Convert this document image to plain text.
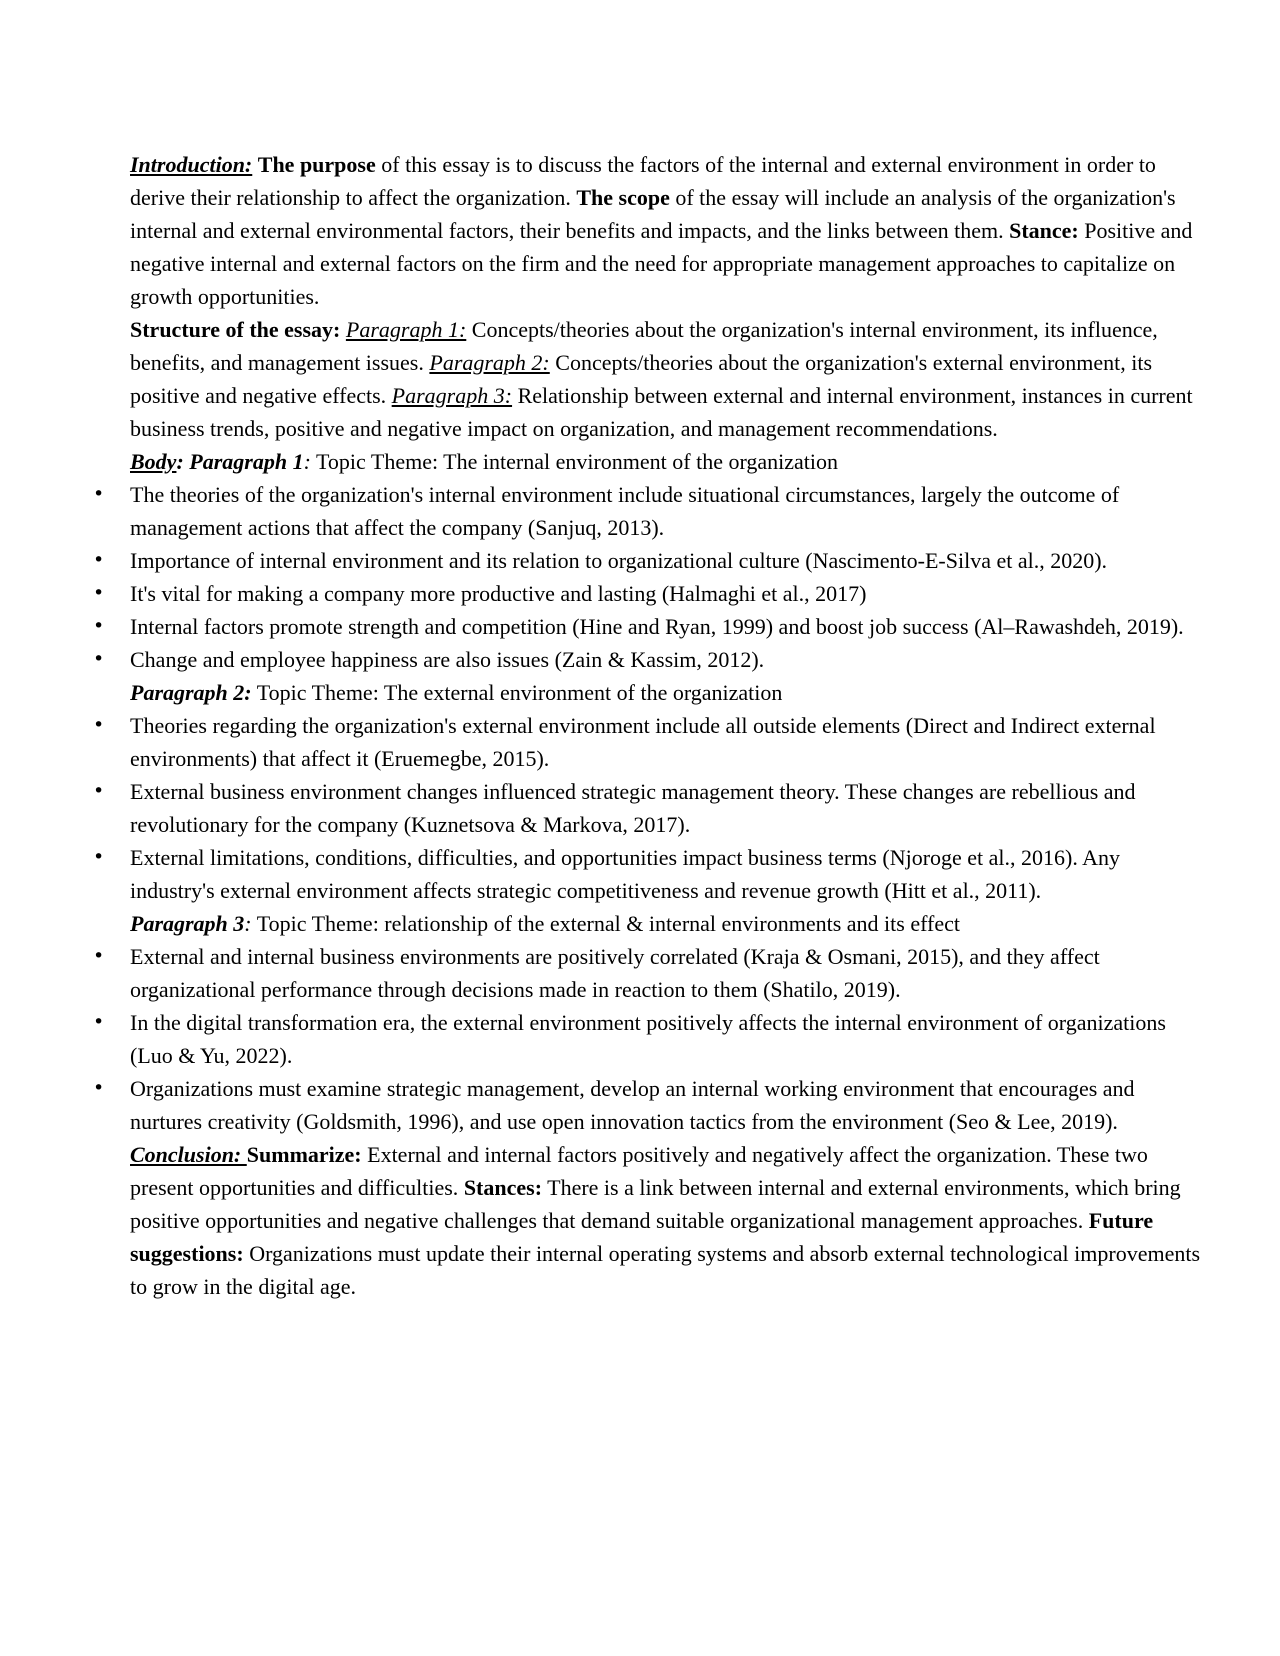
Introduction: The purpose of this essay is to discuss the factors of the internal and external environment in order to derive their relationship to affect the organization. The scope of the essay will include an analysis of the organization's internal and external environmental factors, their benefits and impacts, and the links between them. Stance: Positive and negative internal and external factors on the firm and the need for appropriate management approaches to capitalize on growth opportunities.

Structure of the essay: Paragraph 1: Concepts/theories about the organization's internal environment, its influence, benefits, and management issues. Paragraph 2: Concepts/theories about the organization's external environment, its positive and negative effects. Paragraph 3: Relationship between external and internal environment, instances in current business trends, positive and negative impact on organization, and management recommendations.

Body: Paragraph 1: Topic Theme: The internal environment of the organization

• The theories of the organization's internal environment include situational circumstances, largely the outcome of management actions that affect the company (Sanjuq, 2013).
• Importance of internal environment and its relation to organizational culture (Nascimento-E-Silva et al., 2020).
• It's vital for making a company more productive and lasting (Halmaghi et al., 2017)
• Internal factors promote strength and competition (Hine and Ryan, 1999) and boost job success (Al–Rawashdeh, 2019).
• Change and employee happiness are also issues (Zain & Kassim, 2012).

Paragraph 2: Topic Theme: The external environment of the organization

• Theories regarding the organization's external environment include all outside elements (Direct and Indirect external environments) that affect it (Eruemegbe, 2015).
• External business environment changes influenced strategic management theory. These changes are rebellious and revolutionary for the company (Kuznetsova & Markova, 2017).
• External limitations, conditions, difficulties, and opportunities impact business terms (Njoroge et al., 2016). Any industry's external environment affects strategic competitiveness and revenue growth (Hitt et al., 2011).

Paragraph 3: Topic Theme: relationship of the external & internal environments and its effect

• External and internal business environments are positively correlated (Kraja & Osmani, 2015), and they affect organizational performance through decisions made in reaction to them (Shatilo, 2019).
• In the digital transformation era, the external environment positively affects the internal environment of organizations (Luo & Yu, 2022).
• Organizations must examine strategic management, develop an internal working environment that encourages and nurtures creativity (Goldsmith, 1996), and use open innovation tactics from the environment (Seo & Lee, 2019).

Conclusion: Summarize: External and internal factors positively and negatively affect the organization. These two present opportunities and difficulties. Stances: There is a link between internal and external environments, which bring positive opportunities and negative challenges that demand suitable organizational management approaches. Future suggestions: Organizations must update their internal operating systems and absorb external technological improvements to grow in the digital age.
